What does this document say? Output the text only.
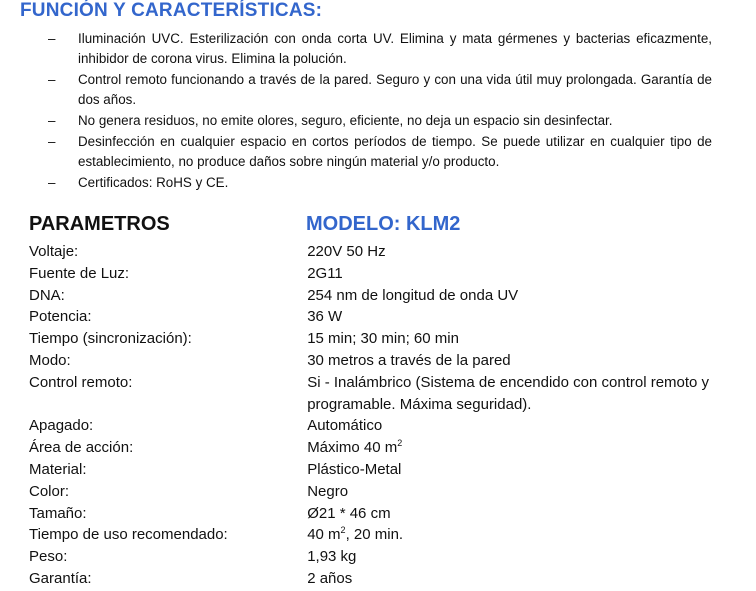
FUNCIÓN Y CARACTERÍSTICAS:
– Iluminación UVC. Esterilización con onda corta UV. Elimina y mata gérmenes y bacterias eficazmente, inhibidor de corona virus. Elimina la polución.
– Control remoto funcionando a través de la pared. Seguro y con una vida útil muy prolongada. Garantía de dos años.
– No genera residuos, no emite olores, seguro, eficiente, no deja un espacio sin desinfectar.
– Desinfección en cualquier espacio en cortos períodos de tiempo. Se puede utilizar en cualquier tipo de establecimiento, no produce daños sobre ningún material y/o producto.
– Certificados: RoHS y CE.
PARAMETROS	MODELO: KLM2
Voltaje:	220V 50 Hz
Fuente de Luz:	2G11
DNA:	254 nm de longitud de onda UV
Potencia:	36 W
Tiempo (sincronización):	15 min; 30 min; 60 min
Modo:	30 metros a través de la pared
Control remoto:	Si - Inalámbrico (Sistema de encendido con control remoto y programable. Máxima seguridad).
Apagado:	Automático
Área de acción:	Máximo 40 $m^2$
Material:	Plástico-Metal
Color:	Negro
Tamaño:	Ø21 * 46 cm
Tiempo de uso recomendado:	40 $m^2$, 20 min.
Peso:	1,93 kg
Garantía:	2 años
